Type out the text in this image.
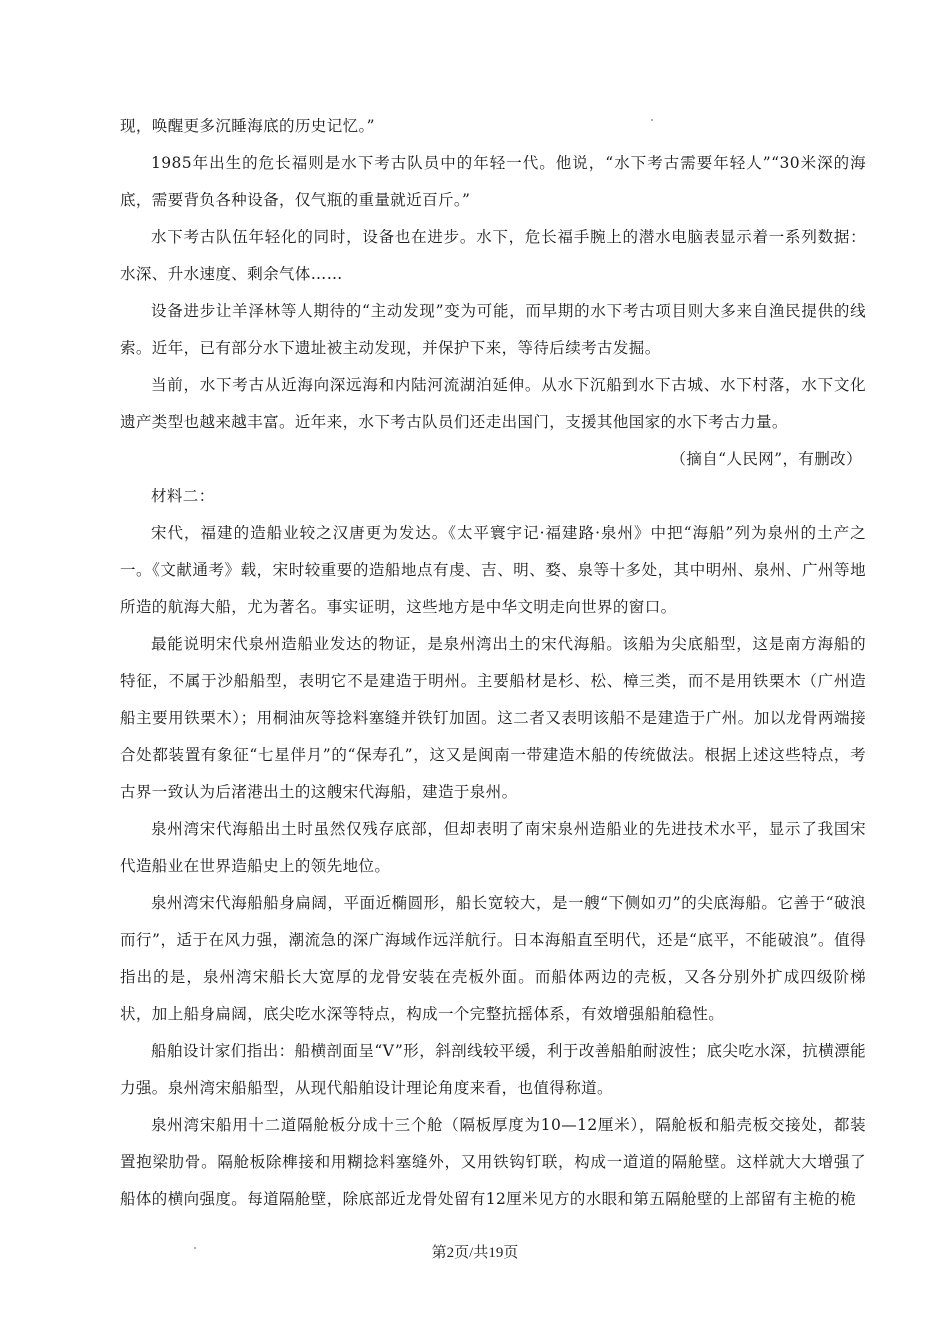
现，唤醒更多沉睡海底的历史记忆。”

1985年出生的危长福则是水下考古队员中的年轻一代。他说，“水下考古需要年轻人”“30米深的海底，需要背负各种设备，仅气瓶的重量就近百斤。”

水下考古队伍年轻化的同时，设备也在进步。水下，危长福手腕上的潜水电脑表显示着一系列数据：水深、升水速度、剩余气体……

设备进步让羊泽林等人期待的“主动发现”变为可能，而早期的水下考古项目则大多来自渔民提供的线索。近年，已有部分水下遗址被主动发现，并保护下来，等待后续考古发掘。

当前，水下考古从近海向深远海和内陆河流湖泊延伸。从水下沉船到水下古城、水下村落，水下文化遗产类型也越来越丰富。近年来，水下考古队员们还走出国门，支援其他国家的水下考古力量。

（摘自“人民网”，有删改）

材料二：

宋代，福建的造船业较之汉唐更为发达。《太平寰宇记·福建路·泉州》中把“海船”列为泉州的土产之一。《文献通考》载，宋时较重要的造船地点有虔、吉、明、婺、泉等十多处，其中明州、泉州、广州等地所造的航海大船，尤为著名。事实证明，这些地方是中华文明走向世界的窗口。

最能说明宋代泉州造船业发达的物证，是泉州湾出土的宋代海船。该船为尖底船型，这是南方海船的特征，不属于沙船船型，表明它不是建造于明州。主要船材是杉、松、樟三类，而不是用铁栗木（广州造船主要用铁栗木）；用桐油灰等捻料塞缝并铁钉加固。这二者又表明该船不是建造于广州。加以龙骨两端接合处都装置有象征“七星伴月”的“保寿孔”，这又是闽南一带建造木船的传统做法。根据上述这些特点，考古界一致认为后渚港出土的这艘宋代海船，建造于泉州。

泉州湾宋代海船出土时虽然仅残存底部，但却表明了南宋泉州造船业的先进技术水平，显示了我国宋代造船业在世界造船史上的领先地位。

泉州湾宋代海船船身扁阔，平面近椭圆形，船长宽较大，是一艘“下侧如刃”的尖底海船。它善于“破浪而行”，适于在风力强，潮流急的深广海域作远洋航行。日本海船直至明代，还是“底平，不能破浪”。值得指出的是，泉州湾宋船长大宽厚的龙骨安装在壳板外面。而船体两边的壳板，又各分别外扩成四级阶梯状，加上船身扁阔，底尖吃水深等特点，构成一个完整抗摇体系，有效增强船舶稳性。

船舶设计家们指出：船横剖面呈“V”形，斜剖线较平缓，利于改善船舶耐波性；底尖吃水深，抗横漂能力强。泉州湾宋船船型，从现代船舶设计理论角度来看，也值得称道。

泉州湾宋船用十二道隔舱板分成十三个舱（隔板厚度为10—12厘米），隔舱板和船壳板交接处，都装置抱梁肋骨。隔舱板除榫接和用糊捻料塞缝外，又用铁钩钉联，构成一道道的隔舱壁。这样就大大增强了船体的横向强度。每道隔舱壁，除底部近龙骨处留有12厘米见方的水眼和第五隔舱壁的上部留有主桅的桅

第2页/共19页
